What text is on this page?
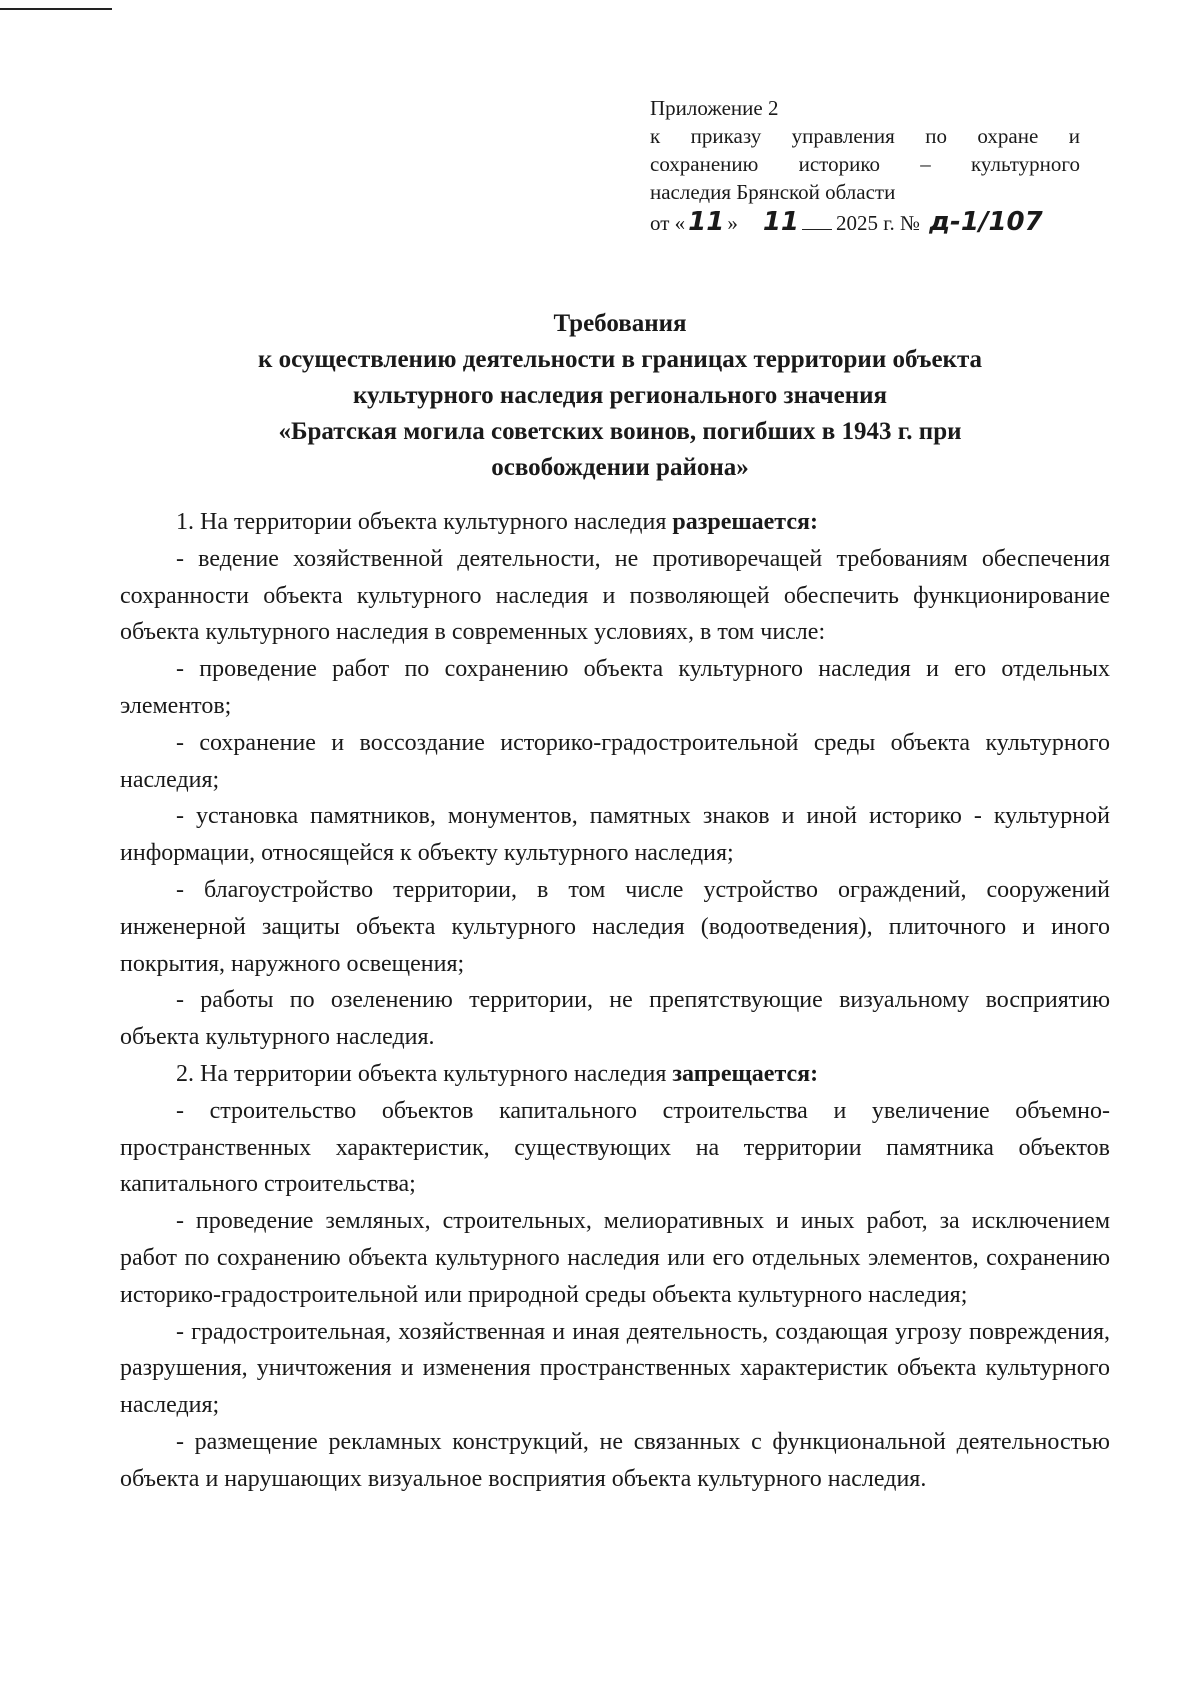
Приложение 2
к приказу управления по охране и
сохранению историко – культурного
наследия Брянской области
от « 11 » 11 2025 г. № д-1/107
Требования
к осуществлению деятельности в границах территории объекта
культурного наследия регионального значения
«Братская могила советских воинов, погибших в 1943 г. при
освобождении района»

1. На территории объекта культурного наследия разрешается:

- ведение хозяйственной деятельности, не противоречащей требованиям обеспечения сохранности объекта культурного наследия и позволяющей обеспечить функционирование объекта культурного наследия в современных условиях, в том числе:

- проведение работ по сохранению объекта культурного наследия и его отдельных элементов;

- сохранение и воссоздание историко-градостроительной среды объекта культурного наследия;

- установка памятников, монументов, памятных знаков и иной историко - культурной информации, относящейся к объекту культурного наследия;

- благоустройство территории, в том числе устройство ограждений, сооружений инженерной защиты объекта культурного наследия (водоотведения), плиточного и иного покрытия, наружного освещения;

- работы по озеленению территории, не препятствующие визуальному восприятию объекта культурного наследия.

2. На территории объекта культурного наследия запрещается:

- строительство объектов капитального строительства и увеличение объемно-пространственных характеристик, существующих на территории памятника объектов капитального строительства;

- проведение земляных, строительных, мелиоративных и иных работ, за исключением работ по сохранению объекта культурного наследия или его отдельных элементов, сохранению историко-градостроительной или природной среды объекта культурного наследия;

- градостроительная, хозяйственная и иная деятельность, создающая угрозу повреждения, разрушения, уничтожения и изменения пространственных характеристик объекта культурного наследия;

- размещение рекламных конструкций, не связанных с функциональной деятельностью объекта и нарушающих визуальное восприятия объекта культурного наследия.
